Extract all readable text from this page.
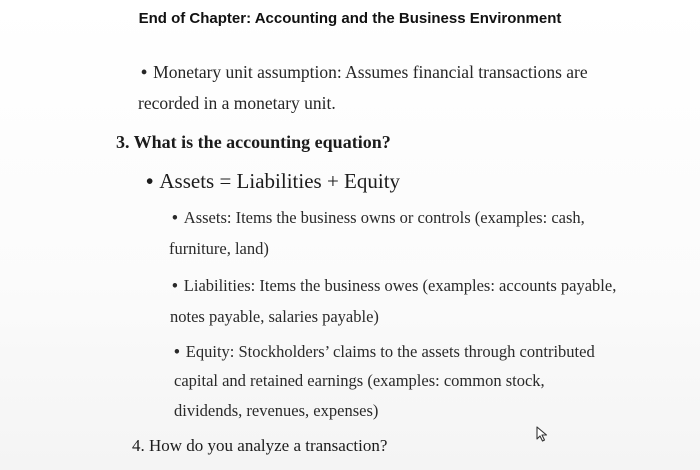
End of Chapter: Accounting and the Business Environment
• Monetary unit assumption: Assumes financial transactions are
recorded in a monetary unit.
3. What is the accounting equation?
• Assets = Liabilities + Equity
• Assets: Items the business owns or controls (examples: cash,
furniture, land)
• Liabilities: Items the business owes (examples: accounts payable,
notes payable, salaries payable)
• Equity: Stockholders’ claims to the assets through contributed
capital and retained earnings (examples: common stock,
dividends, revenues, expenses)
4. How do you analyze a transaction?
